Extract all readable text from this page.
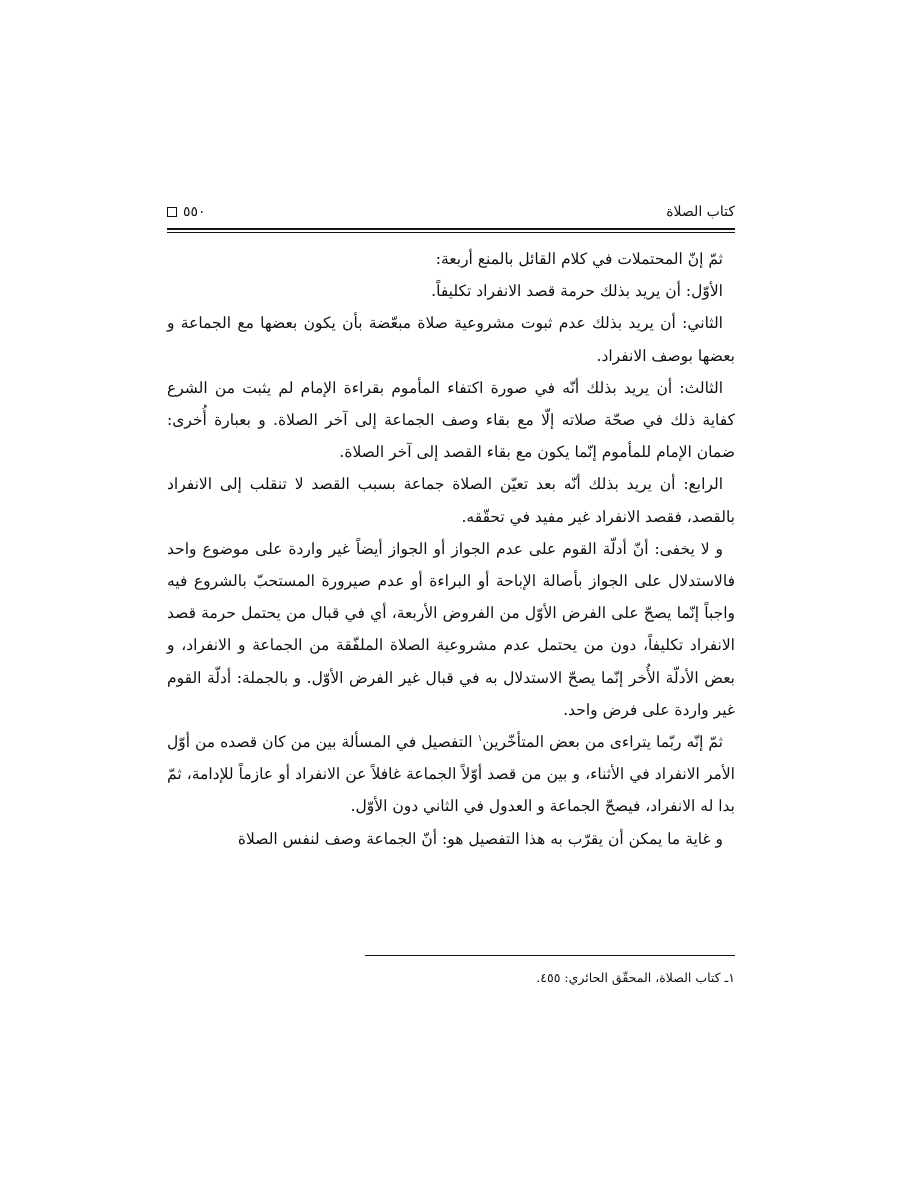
٥٥٠	كتاب الصلاة

ثمّ إنّ المحتملات في كلام القائل بالمنع أربعة:

الأوّل: أن يريد بذلك حرمة قصد الانفراد تكليفاً.

الثاني: أن يريد بذلك عدم ثبوت مشروعية صلاة مبعّضة بأن يكون بعضها مع الجماعة و بعضها بوصف الانفراد.

الثالث: أن يريد بذلك أنّه في صورة اكتفاء المأموم بقراءة الإمام لم يثبت من الشرع كفاية ذلك في صحّة صلاته إلّا مع بقاء وصف الجماعة إلى آخر الصلاة. و بعبارة أُخرى: ضمان الإمام للمأموم إنّما يكون مع بقاء القصد إلى آخر الصلاة.

الرابع: أن يريد بذلك أنّه بعد تعيّن الصلاة جماعة بسبب القصد لا تنقلب إلى الانفراد بالقصد، فقصد الانفراد غير مفيد في تحقّقه.

و لا يخفى: أنّ أدلّة القوم على عدم الجواز أو الجواز أيضاً غير واردة على موضوع واحد فالاستدلال على الجواز بأصالة الإباحة أو البراءة أو عدم صيرورة المستحبّ بالشروع فيه واجباً إنّما يصحّ على الفرض الأوّل من الفروض الأربعة، أي في قبال من يحتمل حرمة قصد الانفراد تكليفاً، دون من يحتمل عدم مشروعية الصلاة الملفّقة من الجماعة و الانفراد، و بعض الأدلّة الأُخر إنّما يصحّ الاستدلال به في قبال غير الفرض الأوّل. و بالجملة: أدلّة القوم غير واردة على فرض واحد.

ثمّ إنّه ربّما يتراءى من بعض المتأخّرين$^١$ التفصيل في المسألة بين من كان قصده من أوّل الأمر الانفراد في الأثناء، و بين من قصد أوّلاً الجماعة غافلاً عن الانفراد أو عازماً للإدامة، ثمّ بدا له الانفراد، فيصحّ الجماعة و العدول في الثاني دون الأوّل.

و غاية ما يمكن أن يقرّب به هذا التفصيل هو: أنّ الجماعة وصف لنفس الصلاة

١ـ كتاب الصلاة، المحقّق الحائري: ٤٥٥.
